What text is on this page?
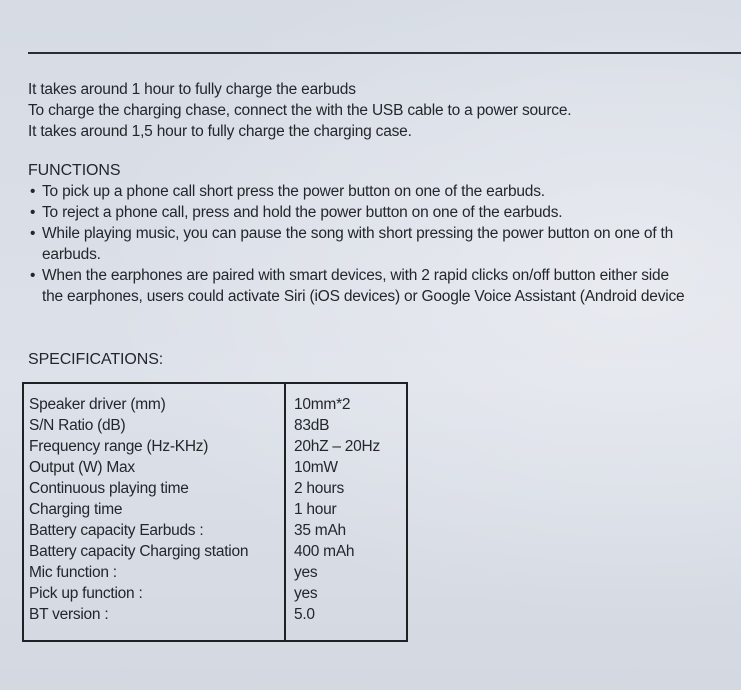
It takes around 1 hour to fully charge the earbuds
To charge the charging chase, connect the with the USB cable to a power source.
It takes around 1,5 hour to fully charge the charging case.
FUNCTIONS
• To pick up a phone call short press the power button on one of the earbuds.
• To reject a phone call, press and hold the power button on one of the earbuds.
• While playing music, you can pause the song with short pressing the power button on one of th
earbuds.
• When the earphones are paired with smart devices, with 2 rapid clicks on/off button either side
the earphones, users could activate Siri (iOS devices) or Google Voice Assistant (Android device
SPECIFICATIONS:
Speaker driver (mm)	10mm*2
S/N Ratio (dB)	83dB
Frequency range (Hz-KHz)	20hZ – 20Hz
Output (W) Max	10mW
Continuous playing time	2 hours
Charging time	1 hour
Battery capacity Earbuds :	35 mAh
Battery capacity Charging station	400 mAh
Mic function :	yes
Pick up function :	yes
BT version :	5.0
